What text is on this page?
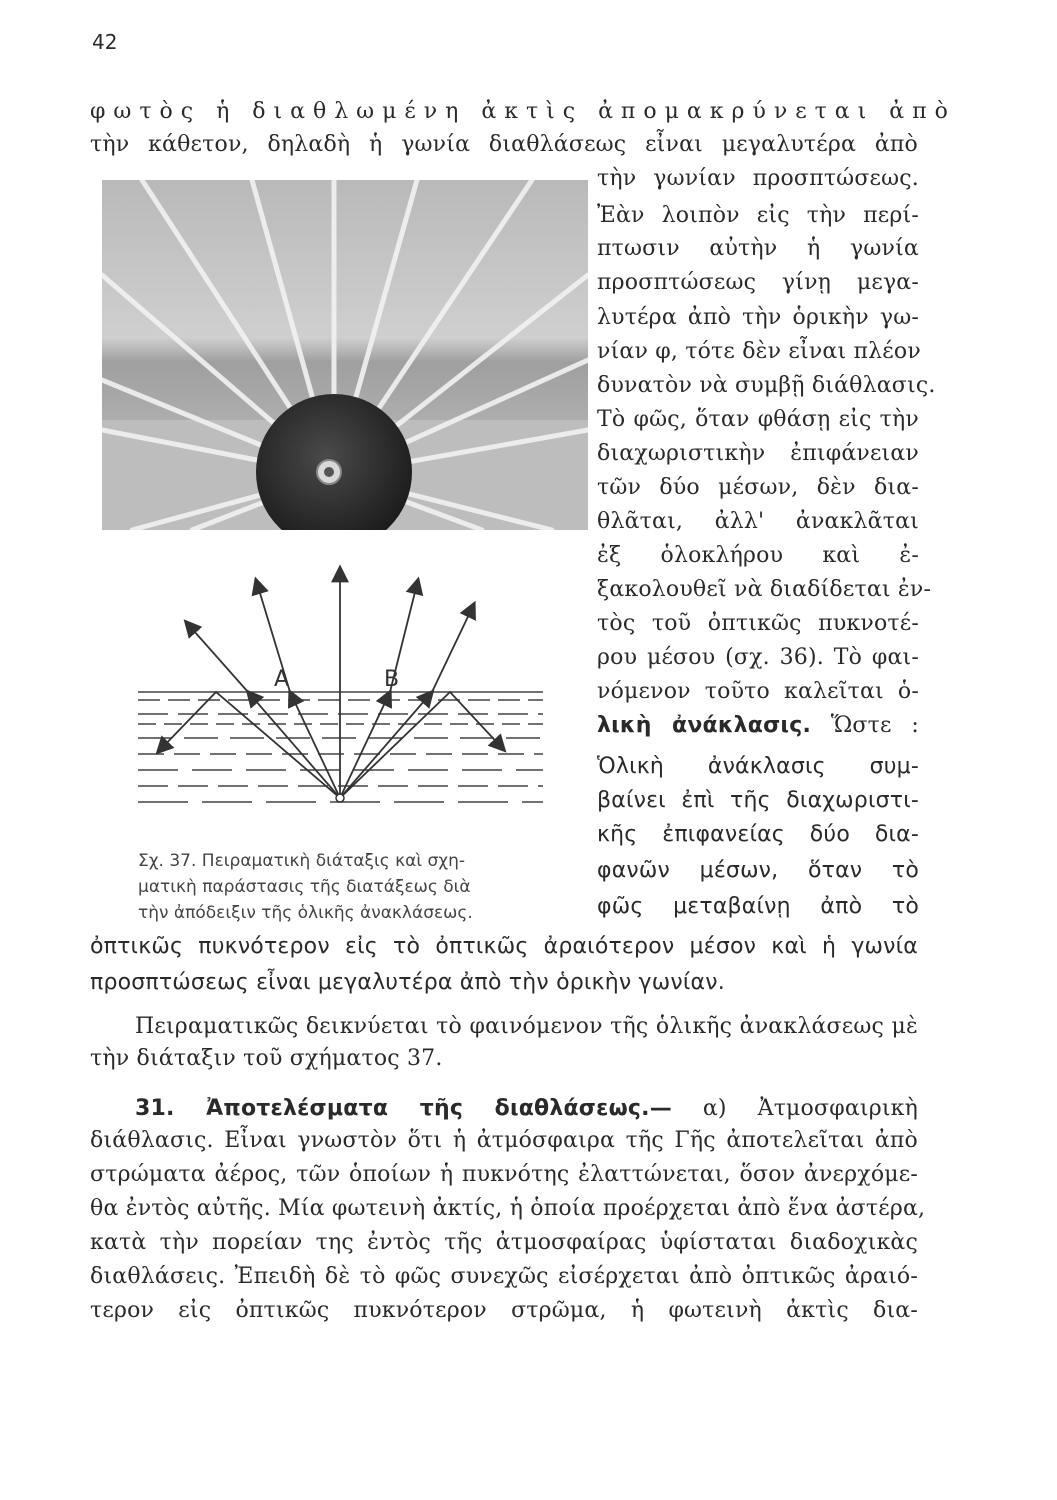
42
φωτὸς ἡ διαθλωμένη ἀκτὶς ἀπομακρύνεται ἀπὸ
τὴν κάθετον, δηλαδὴ ἡ γωνία διαθλάσεως εἶναι μεγαλυτέρα ἀπὸ
A	B
τὴν γωνίαν προσπτώσεως.
Ἐὰν λοιπὸν εἰς τὴν περί-
πτωσιν αὐτὴν ἡ γωνία
προσπτώσεως γίνῃ μεγα-
λυτέρα ἀπὸ τὴν ὁρικὴν γω-
νίαν φ, τότε δὲν εἶναι πλέον
δυνατὸν νὰ συμβῇ διάθλασις.
Τὸ φῶς, ὅταν φθάσῃ εἰς τὴν
διαχωριστικὴν ἐπιφάνειαν
τῶν δύο μέσων, δὲν δια-
θλᾶται, ἀλλ' ἀνακλᾶται
ἐξ ὁλοκλήρου καὶ ἐ-
ξακολουθεῖ νὰ διαδίδεται ἐν-
τὸς τοῦ ὀπτικῶς πυκνοτέ-
ρου μέσου (σχ. 36). Τὸ φαι-
νόμενον τοῦτο καλεῖται ὁ-
λικὴ ἀνάκλασις. Ὥστε :
Ὁλικὴ ἀνάκλασις συμ-
βαίνει ἐπὶ τῆς διαχωριστι-
κῆς ἐπιφανείας δύο δια-
φανῶν μέσων, ὅταν τὸ
φῶς μεταβαίνῃ ἀπὸ τὸ
Σχ. 37. Πειραματικὴ διάταξις καὶ σχη-
ματικὴ παράστασις τῆς διατάξεως διὰ
τὴν ἀπόδειξιν τῆς ὁλικῆς ἀνακλάσεως.
ὀπτικῶς πυκνότερον εἰς τὸ ὀπτικῶς ἀραιότερον μέσον καὶ ἡ γωνία
προσπτώσεως εἶναι μεγαλυτέρα ἀπὸ τὴν ὁρικὴν γωνίαν.
Πειραματικῶς δεικνύεται τὸ φαινόμενον τῆς ὁλικῆς ἀνακλάσεως μὲ
τὴν διάταξιν τοῦ σχήματος 37.
31. Ἀποτελέσματα τῆς διαθλάσεως.— α) Ἀτμοσφαιρικὴ
διάθλασις. Εἶναι γνωστὸν ὅτι ἡ ἀτμόσφαιρα τῆς Γῆς ἀποτελεῖται ἀπὸ
στρώματα ἀέρος, τῶν ὁποίων ἡ πυκνότης ἐλαττώνεται, ὅσον ἀνερχόμε-
θα ἐντὸς αὐτῆς. Μία φωτεινὴ ἀκτίς, ἡ ὁποία προέρχεται ἀπὸ ἕνα ἀστέρα,
κατὰ τὴν πορείαν της ἐντὸς τῆς ἀτμοσφαίρας ὑφίσταται διαδοχικὰς
διαθλάσεις. Ἐπειδὴ δὲ τὸ φῶς συνεχῶς εἰσέρχεται ἀπὸ ὀπτικῶς ἀραιό-
τερον εἰς ὀπτικῶς πυκνότερον στρῶμα, ἡ φωτεινὴ ἀκτὶς δια-
